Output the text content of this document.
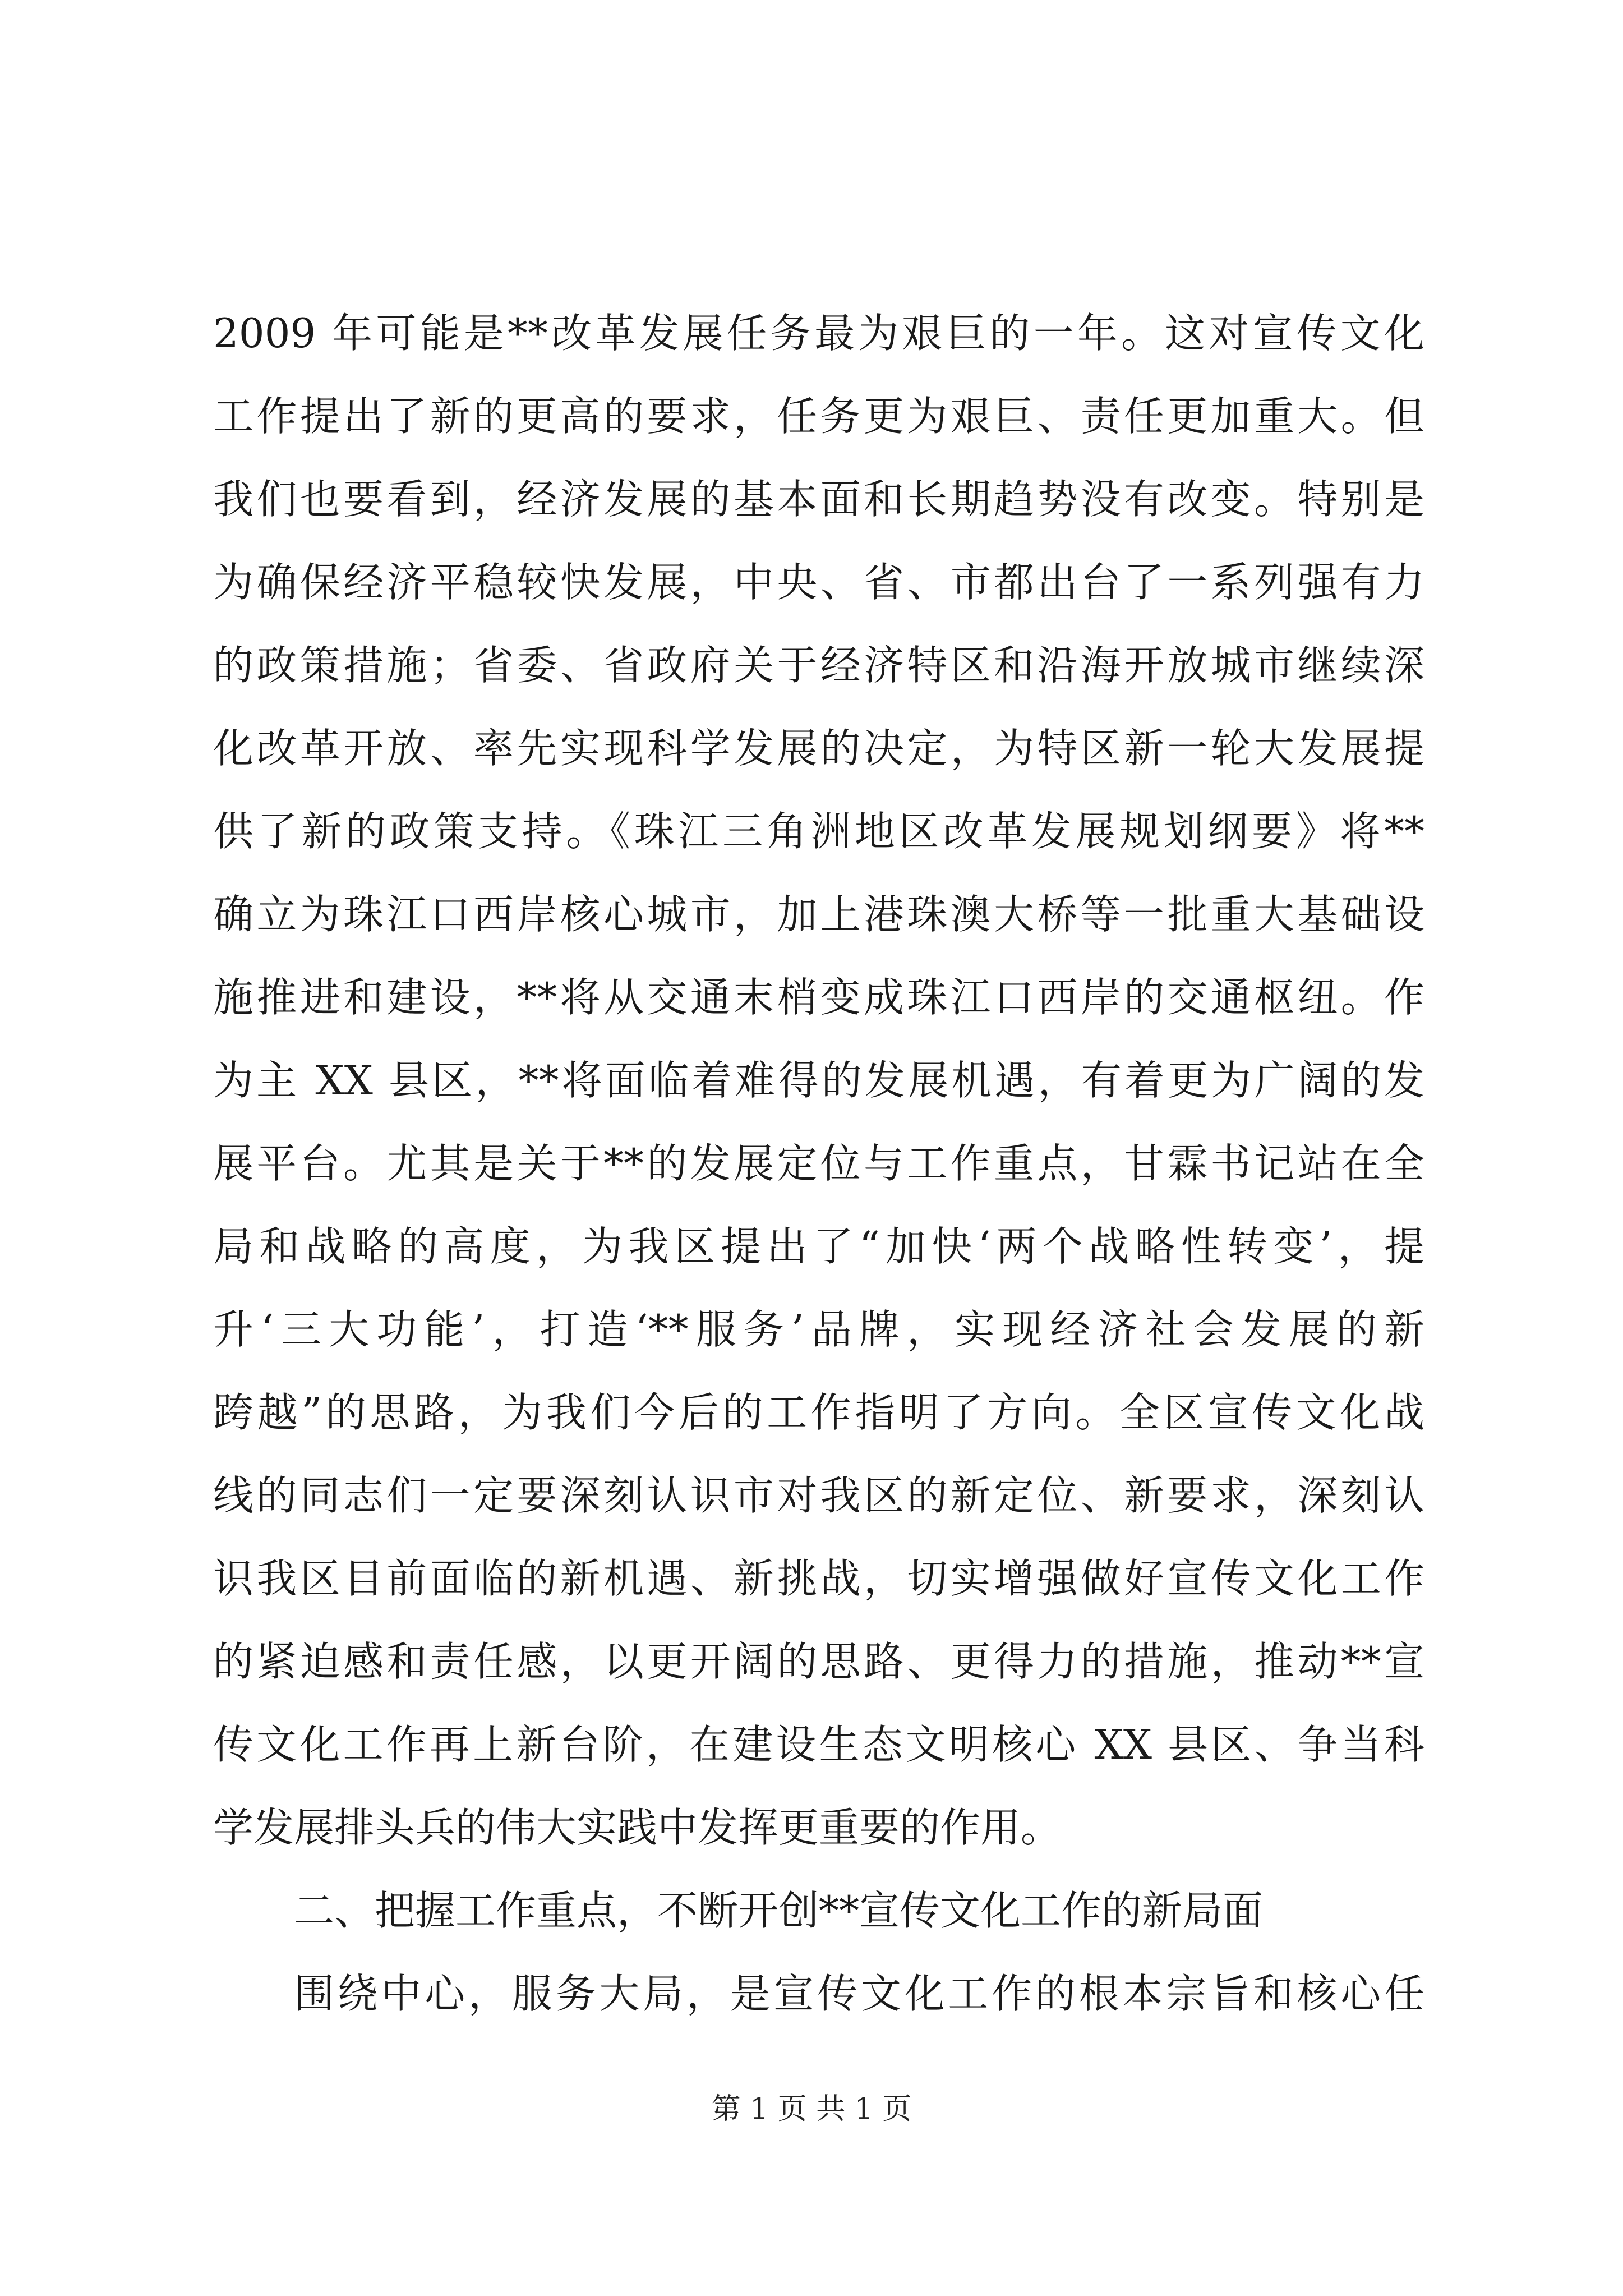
2009 年可能是**改革发展任务最为艰巨的一年。这对宣传文化
工作提出了新的更高的要求，任务更为艰巨、责任更加重大。但
我们也要看到，经济发展的基本面和长期趋势没有改变。特别是
为确保经济平稳较快发展，中央、省、市都出台了一系列强有力
的政策措施；省委、省政府关于经济特区和沿海开放城市继续深
化改革开放、率先实现科学发展的决定，为特区新一轮大发展提
供了新的政策支持。《珠江三角洲地区改革发展规划纲要》将**
确立为珠江口西岸核心城市，加上港珠澳大桥等一批重大基础设
施推进和建设，**将从交通末梢变成珠江口西岸的交通枢纽。作
为主 XX 县区，**将面临着难得的发展机遇，有着更为广阔的发
展平台。尤其是关于**的发展定位与工作重点，甘霖书记站在全
局和战略的高度，为我区提出了“加快‘两个战略性转变’，提
升‘三大功能’，打造‘**服务’品牌，实现经济社会发展的新
跨越”的思路，为我们今后的工作指明了方向。全区宣传文化战
线的同志们一定要深刻认识市对我区的新定位、新要求，深刻认
识我区目前面临的新机遇、新挑战，切实增强做好宣传文化工作
的紧迫感和责任感，以更开阔的思路、更得力的措施，推动**宣
传文化工作再上新台阶，在建设生态文明核心 XX 县区、争当科
学发展排头兵的伟大实践中发挥更重要的作用。
二、把握工作重点，不断开创**宣传文化工作的新局面
围绕中心，服务大局，是宣传文化工作的根本宗旨和核心任
第 1 页 共 1 页
